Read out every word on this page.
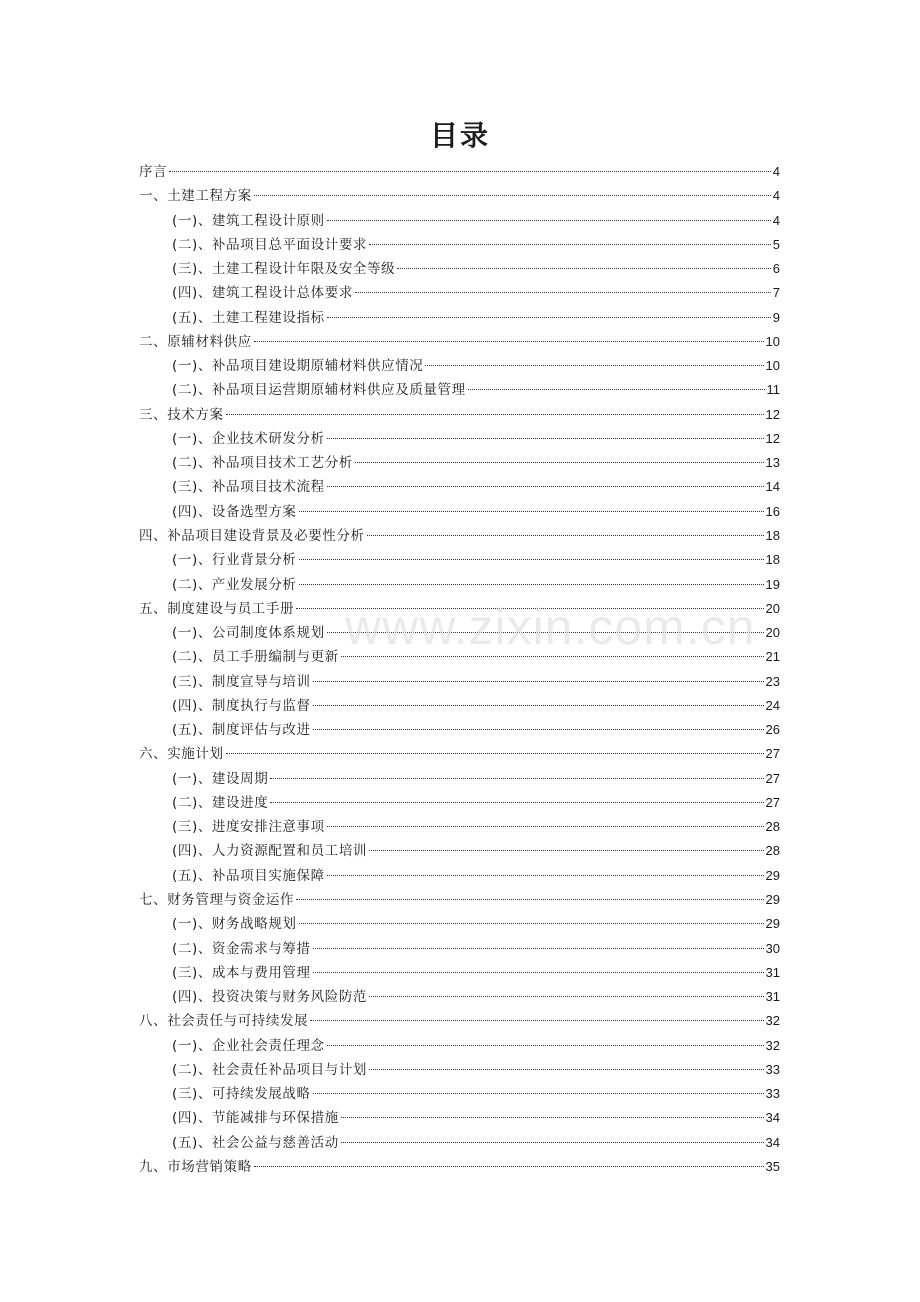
目录
序言	4
一、土建工程方案	4
(一)、建筑工程设计原则	4
(二)、补品项目总平面设计要求	5
(三)、土建工程设计年限及安全等级	6
(四)、建筑工程设计总体要求	7
(五)、土建工程建设指标	9
二、原辅材料供应	10
(一)、补品项目建设期原辅材料供应情况	10
(二)、补品项目运营期原辅材料供应及质量管理	11
三、技术方案	12
(一)、企业技术研发分析	12
(二)、补品项目技术工艺分析	13
(三)、补品项目技术流程	14
(四)、设备选型方案	16
四、补品项目建设背景及必要性分析	18
(一)、行业背景分析	18
(二)、产业发展分析	19
五、制度建设与员工手册	20
(一)、公司制度体系规划	20
(二)、员工手册编制与更新	21
(三)、制度宣导与培训	23
(四)、制度执行与监督	24
(五)、制度评估与改进	26
六、实施计划	27
(一)、建设周期	27
(二)、建设进度	27
(三)、进度安排注意事项	28
(四)、人力资源配置和员工培训	28
(五)、补品项目实施保障	29
七、财务管理与资金运作	29
(一)、财务战略规划	29
(二)、资金需求与筹措	30
(三)、成本与费用管理	31
(四)、投资决策与财务风险防范	31
八、社会责任与可持续发展	32
(一)、企业社会责任理念	32
(二)、社会责任补品项目与计划	33
(三)、可持续发展战略	33
(四)、节能减排与环保措施	34
(五)、社会公益与慈善活动	34
九、市场营销策略	35
www.zixin.com.cn
